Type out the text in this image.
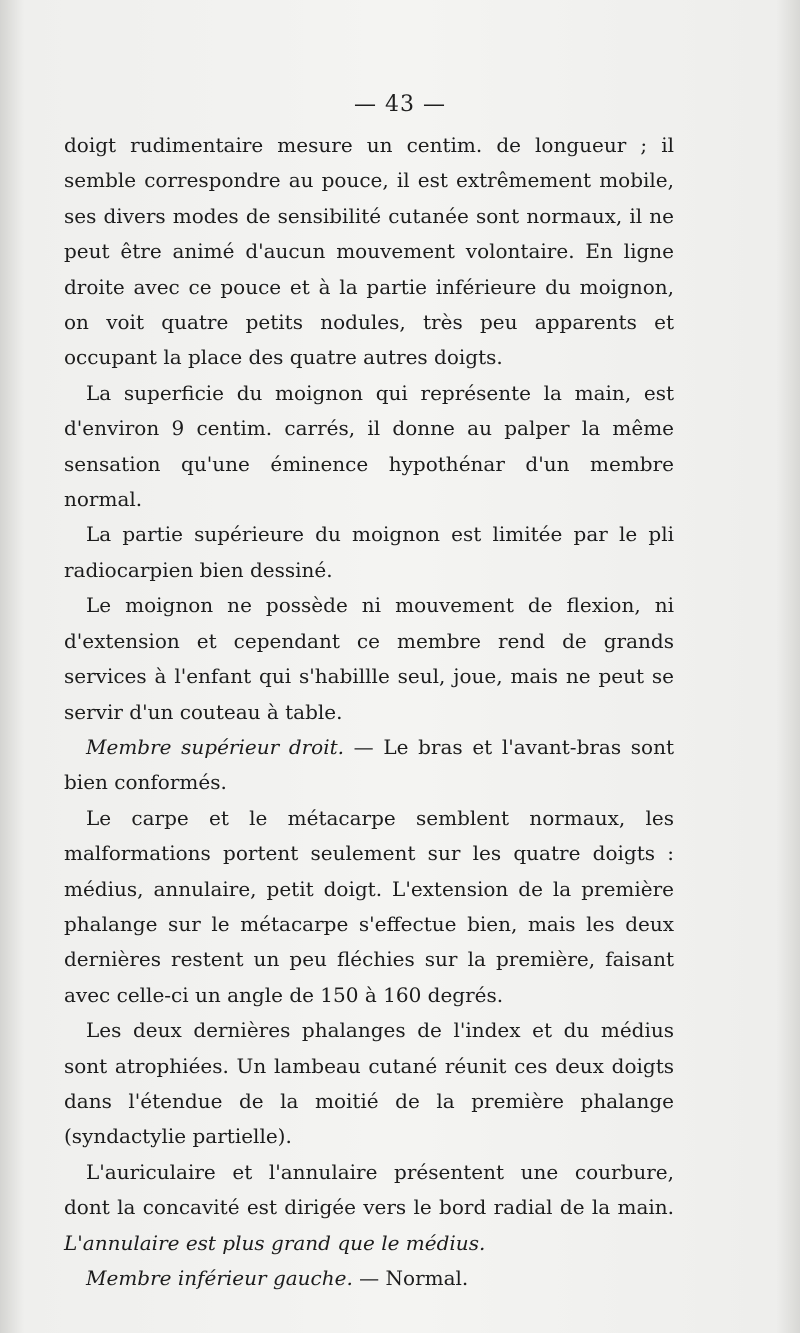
— 43 —

doigt rudimentaire mesure un centim. de longueur ; il semble correspondre au pouce, il est extrêmement mobile, ses divers modes de sensibilité cutanée sont normaux, il ne peut être animé d'aucun mouvement volontaire. En ligne droite avec ce pouce et à la partie inférieure du moignon, on voit quatre petits nodules, très peu apparents et occupant la place des quatre autres doigts.

La superficie du moignon qui représente la main, est d'environ 9 centim. carrés, il donne au palper la même sensation qu'une éminence hypothénar d'un membre normal.

La partie supérieure du moignon est limitée par le pli radiocarpien bien dessiné.

Le moignon ne possède ni mouvement de flexion, ni d'extension et cependant ce membre rend de grands services à l'enfant qui s'habillle seul, joue, mais ne peut se servir d'un couteau à table.

Membre supérieur droit. — Le bras et l'avant-bras sont bien conformés.

Le carpe et le métacarpe semblent normaux, les malformations portent seulement sur les quatre doigts : médius, annulaire, petit doigt. L'extension de la première phalange sur le métacarpe s'effectue bien, mais les deux dernières restent un peu fléchies sur la première, faisant avec celle-ci un angle de 150 à 160 degrés.

Les deux dernières phalanges de l'index et du médius sont atrophiées. Un lambeau cutané réunit ces deux doigts dans l'étendue de la moitié de la première phalange (syndactylie partielle).

L'auriculaire et l'annulaire présentent une courbure, dont la concavité est dirigée vers le bord radial de la main. L'annulaire est plus grand que le médius.

Membre inférieur gauche. — Normal.
